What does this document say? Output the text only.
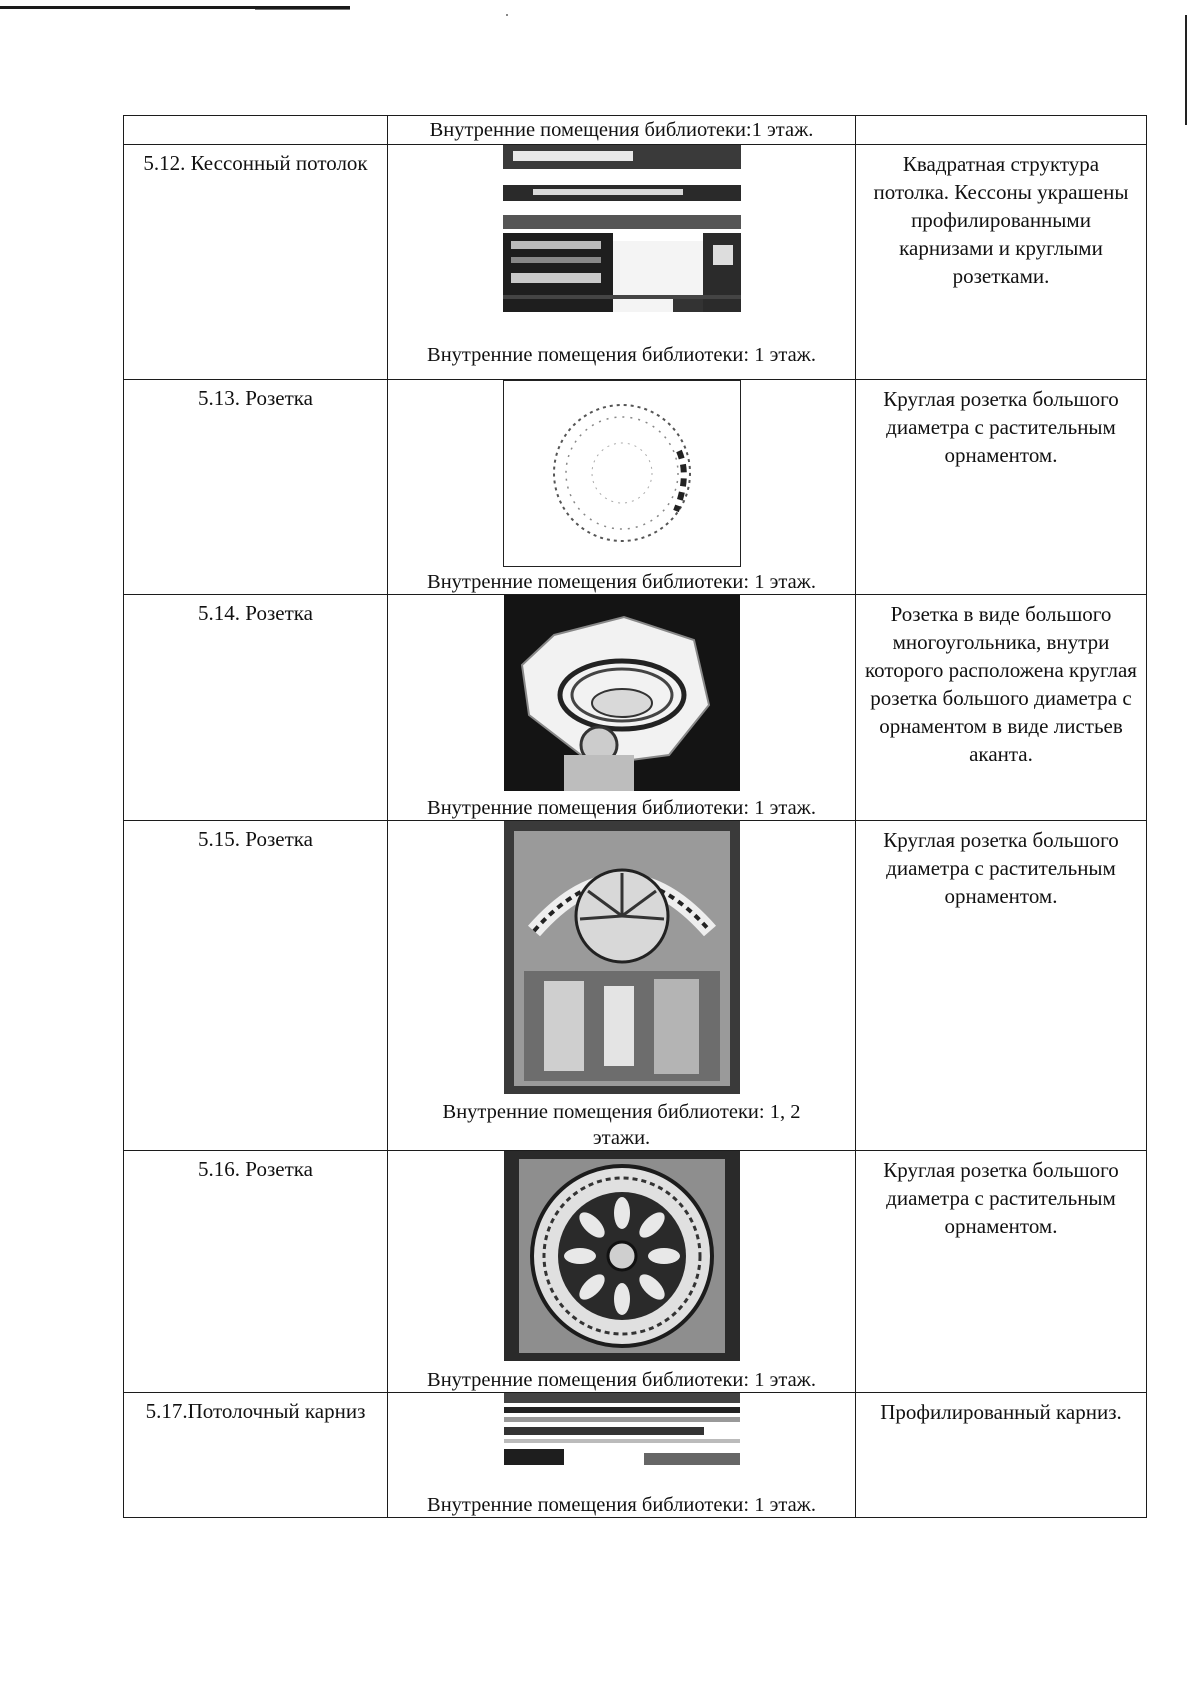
	Внутренние помещения библиотеки:1 этаж.	

5.12. Кессонный потолок	Внутренние помещения библиотеки: 1 этаж.	Квадратная структура потолка. Кессоны украшены профилированными карнизами и круглыми розетками.

5.13. Розетка	Внутренние помещения библиотеки: 1 этаж.	Круглая розетка большого диаметра с растительным орнаментом.

5.14. Розетка	Внутренние помещения библиотеки: 1 этаж.	Розетка в виде большого многоугольника, внутри которого расположена круглая розетка большого диаметра с орнаментом в виде листьев аканта.

5.15. Розетка	Внутренние помещения библиотеки: 1, 2 этажи.	Круглая розетка большого диаметра с растительным орнаментом.

5.16. Розетка	Внутренние помещения библиотеки: 1 этаж.	Круглая розетка большого диаметра с растительным орнаментом.

5.17.Потолочный карниз	Внутренние помещения библиотеки: 1 этаж.	Профилированный карниз.
